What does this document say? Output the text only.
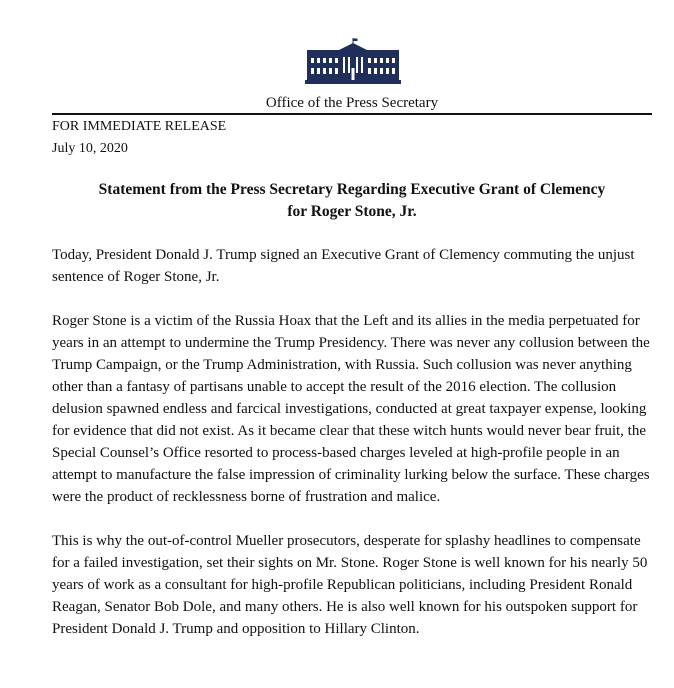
Office of the Press Secretary
FOR IMMEDIATE RELEASE
July 10, 2020
Statement from the Press Secretary Regarding Executive Grant of Clemency
for Roger Stone, Jr.

Today, President Donald J. Trump signed an Executive Grant of Clemency commuting the unjust sentence of Roger Stone, Jr.

Roger Stone is a victim of the Russia Hoax that the Left and its allies in the media perpetuated for years in an attempt to undermine the Trump Presidency. There was never any collusion between the Trump Campaign, or the Trump Administration, with Russia. Such collusion was never anything other than a fantasy of partisans unable to accept the result of the 2016 election. The collusion delusion spawned endless and farcical investigations, conducted at great taxpayer expense, looking for evidence that did not exist. As it became clear that these witch hunts would never bear fruit, the Special Counsel’s Office resorted to process-based charges leveled at high-profile people in an attempt to manufacture the false impression of criminality lurking below the surface. These charges were the product of recklessness borne of frustration and malice.

This is why the out-of-control Mueller prosecutors, desperate for splashy headlines to compensate for a failed investigation, set their sights on Mr. Stone. Roger Stone is well known for his nearly 50 years of work as a consultant for high-profile Republican politicians, including President Ronald Reagan, Senator Bob Dole, and many others. He is also well known for his outspoken support for President Donald J. Trump and opposition to Hillary Clinton.
